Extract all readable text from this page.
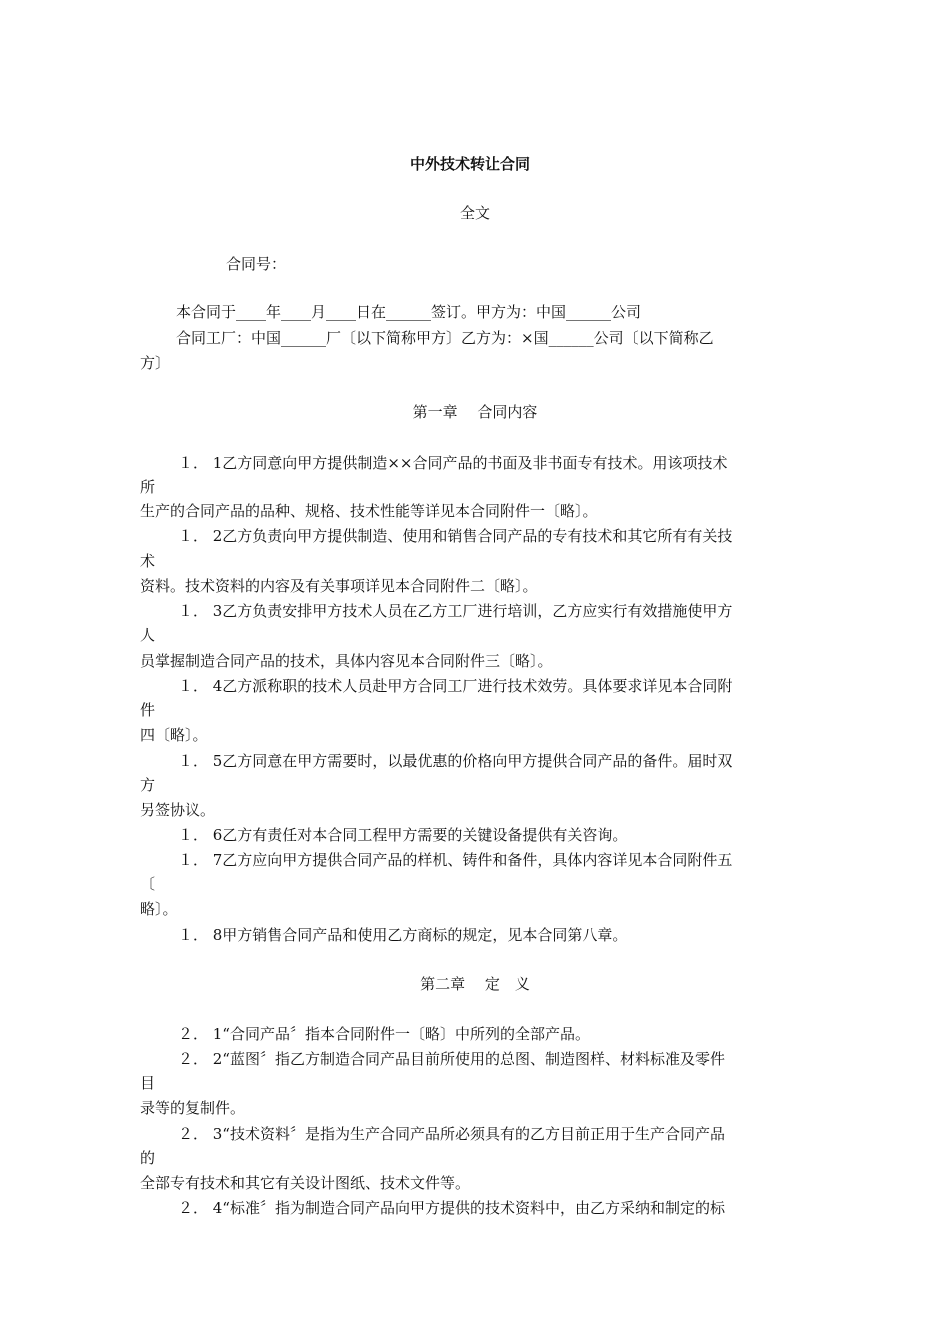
中外技术转让合同
全文
合同号：
本合同于____年____月____日在______签订。甲方为：中国______公司
合同工厂：中国______厂〔以下简称甲方〕乙方为：×国______公司〔以下简称乙
方〕
第一章　 合同内容
１． 1乙方同意向甲方提供制造××合同产品的书面及非书面专有技术。用该项技术
所
生产的合同产品的品种、规格、技术性能等详见本合同附件一〔略〕。
１． 2乙方负责向甲方提供制造、使用和销售合同产品的专有技术和其它所有有关技
术
资料。技术资料的内容及有关事项详见本合同附件二〔略〕。
１． 3乙方负责安排甲方技术人员在乙方工厂进行培训，乙方应实行有效措施使甲方
人
员掌握制造合同产品的技术，具体内容见本合同附件三〔略〕。
１． 4乙方派称职的技术人员赴甲方合同工厂进行技术效劳。具体要求详见本合同附
件
四〔略〕。
１． 5乙方同意在甲方需要时，以最优惠的价格向甲方提供合同产品的备件。届时双
方
另签协议。
１． 6乙方有责任对本合同工程甲方需要的关键设备提供有关咨询。
１． 7乙方应向甲方提供合同产品的样机、铸件和备件，具体内容详见本合同附件五
〔
略〕。
１． 8甲方销售合同产品和使用乙方商标的规定，见本合同第八章。
第二章　 定　义
２． 1“合同产品〞指本合同附件一〔略〕中所列的全部产品。
２． 2“蓝图〞指乙方制造合同产品目前所使用的总图、制造图样、材料标准及零件
目
录等的复制件。
２． 3“技术资料〞是指为生产合同产品所必须具有的乙方目前正用于生产合同产品
的
全部专有技术和其它有关设计图纸、技术文件等。
２． 4“标准〞指为制造合同产品向甲方提供的技术资料中，由乙方采纳和制定的标
